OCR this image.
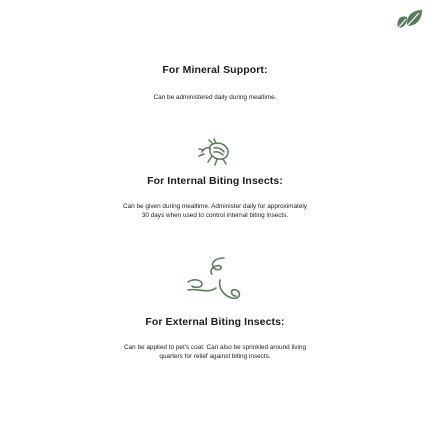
For Mineral Support:

Can be administered daily during mealtime.

For Internal Biting Insects:

Can be given during mealtime. Administer daily for approximately

30 days when used to control internal biting insects.

For External Biting Insects:

Can be applied to pet's coat. Can also be sprinkled around living

quarters for relief against biting insects.
